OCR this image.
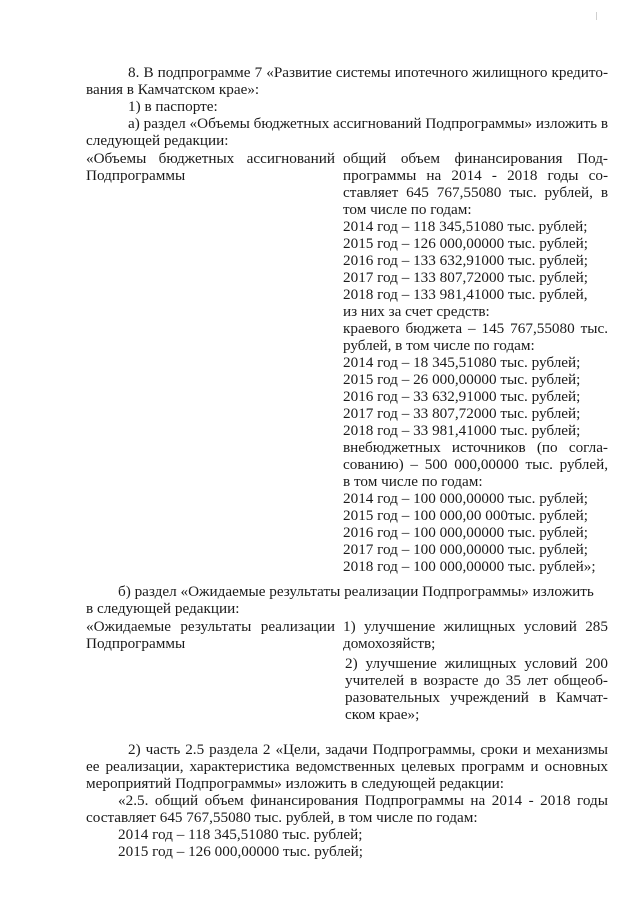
8. В подпрограмме 7 «Развитие системы ипотечного жилищного кредито-
вания в Камчатском крае»:
1) в паспорте:
а) раздел «Объемы бюджетных ассигнований Подпрограммы» изложить в
следующей редакции:
«Объемы бюджетных ассигнований
Подпрограммы
общий объем финансирования Под-
программы на 2014 - 2018 годы со-
ставляет 645 767,55080 тыс. рублей, в
том числе по годам:
2014 год – 118 345,51080 тыс. рублей;
2015 год – 126 000,00000 тыс. рублей;
2016 год – 133 632,91000 тыс. рублей;
2017 год – 133 807,72000 тыс. рублей;
2018 год – 133 981,41000 тыс. рублей,
из них за счет средств:
краевого бюджета – 145 767,55080 тыс.
рублей, в том числе по годам:
2014 год – 18 345,51080 тыс. рублей;
2015 год – 26 000,00000 тыс. рублей;
2016 год – 33 632,91000 тыс. рублей;
2017 год – 33 807,72000 тыс. рублей;
2018 год – 33 981,41000 тыс. рублей;
внебюджетных источников (по согла-
сованию) – 500 000,00000 тыс. рублей,
в том числе по годам:
2014 год – 100 000,00000 тыс. рублей;
2015 год – 100 000,00 000тыс. рублей;
2016 год – 100 000,00000 тыс. рублей;
2017 год – 100 000,00000 тыс. рублей;
2018 год – 100 000,00000 тыс. рублей»;
б) раздел «Ожидаемые результаты реализации Подпрограммы» изложить
в следующей редакции:
«Ожидаемые результаты реализации
Подпрограммы
1) улучшение жилищных условий 285
домохозяйств;
2) улучшение жилищных условий 200
учителей в возрасте до 35 лет общеоб-
разовательных учреждений в Камчат-
ском крае»;
2) часть 2.5 раздела 2 «Цели, задачи Подпрограммы, сроки и механизмы
ее реализации, характеристика ведомственных целевых программ и основных
мероприятий Подпрограммы» изложить в следующей редакции:
«2.5. общий объем финансирования Подпрограммы на 2014 - 2018 годы
составляет 645 767,55080 тыс. рублей, в том числе по годам:
2014 год – 118 345,51080 тыс. рублей;
2015 год – 126 000,00000 тыс. рублей;
